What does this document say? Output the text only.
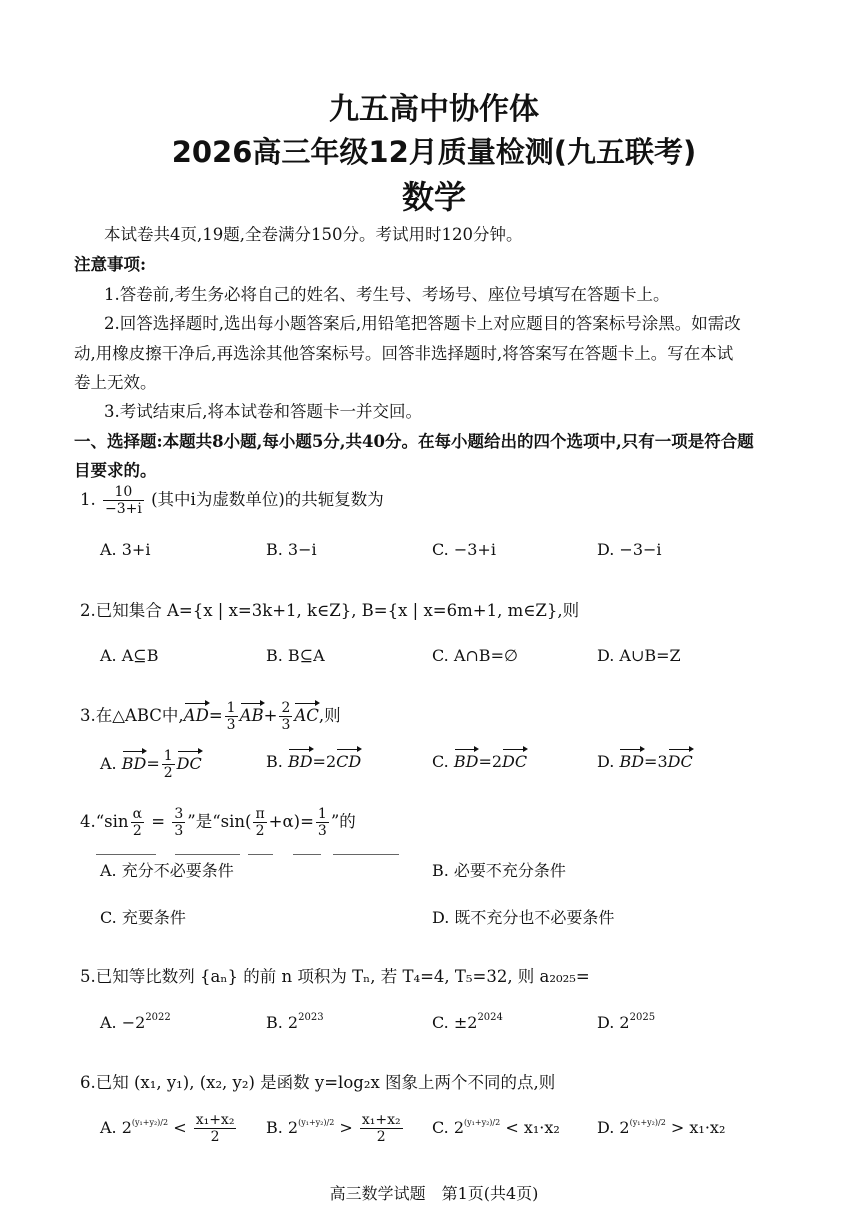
九五高中协作体
2026高三年级12月质量检测(九五联考)
数学
本试卷共4页,19题,全卷满分150分。考试用时120分钟。
注意事项:
1.答卷前,考生务必将自己的姓名、考生号、考场号、座位号填写在答题卡上。
2.回答选择题时,选出每小题答案后,用铅笔把答题卡上对应题目的答案标号涂黑。如需改
动,用橡皮擦干净后,再选涂其他答案标号。回答非选择题时,将答案写在答题卡上。写在本试
卷上无效。
3.考试结束后,将本试卷和答题卡一并交回。
一、选择题:本题共8小题,每小题5分,共40分。在每小题给出的四个选项中,只有一项是符合题
目要求的。
1. $\frac{10}{-3+i}$ (其中i为虚数单位)的共轭复数为
A. 3+i	B. 3−i	C. −3+i	D. −3−i
2.已知集合 A={x | x=3k+1, k∈Z}, B={x | x=6m+1, m∈Z},则
A. A⊆B	B. B⊆A	C. A∩B=∅	D. A∪B=Z
3.在△ABC中$,AD= \frac{1}{3} AB+ \frac{2}{3}$ AC,则
A. $BD= \frac{1}{2}$ DC	B. BD=2CD	C. BD=2DC	D. BD=3DC
4.“sin $\frac{\alpha}{2} = \frac{3}{3}$ ”是“$\sin( \frac{\pi}{2} +\alpha)= \frac{1}{3}$ ”的
A. 充分不必要条件	B. 必要不充分条件
C. 充要条件	D. 既不充分也不必要条件
5.已知等比数列 {aₙ} 的前 n 项积为 Tₙ, 若 T₄=4, T₅=32, 则 a₂₀₂₅=
A. $-2^{2022}$	B. $2^{2023}$	C. $\pm 2^{2024}$	D. $2^{2025}$
6.已知 (x₁, y₁), (x₂, y₂) 是函数 y=log₂x 图象上两个不同的点,则
A. $2^{(y_1+y_2)/2} < \frac{\text{x₁+x₂}}{2} B$. $2^{(y_1+y_2)/2} > \frac{\text{x₁+x₂}}{2} C$. $2^{(y_1+y_2)/2} < x_1\cdot x_2$ D. $2^{(y_1+y_2)/2} > x_1\cdot x_2$
高三数学试题　第1页(共4页)
